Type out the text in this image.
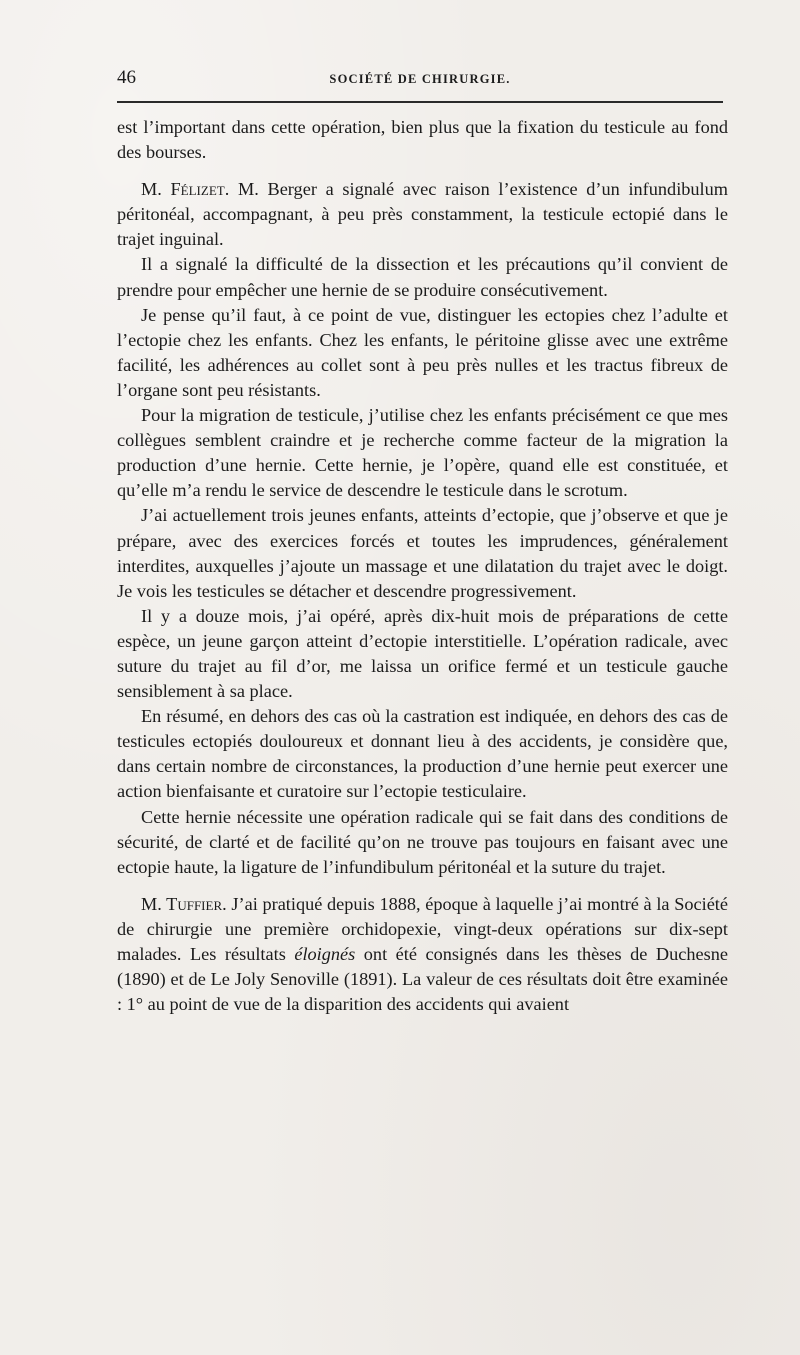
46	SOCIÉTÉ DE CHIRURGIE.

est l’important dans cette opération, bien plus que la fixation du testicule au fond des bourses.

M. Félizet. M. Berger a signalé avec raison l’existence d’un infundibulum péritonéal, accompagnant, à peu près constamment, la testicule ectopié dans le trajet inguinal.

Il a signalé la difficulté de la dissection et les précautions qu’il convient de prendre pour empêcher une hernie de se produire consécutivement.

Je pense qu’il faut, à ce point de vue, distinguer les ectopies chez l’adulte et l’ectopie chez les enfants. Chez les enfants, le péritoine glisse avec une extrême facilité, les adhérences au collet sont à peu près nulles et les tractus fibreux de l’organe sont peu résistants.

Pour la migration de testicule, j’utilise chez les enfants précisément ce que mes collègues semblent craindre et je recherche comme facteur de la migration la production d’une hernie. Cette hernie, je l’opère, quand elle est constituée, et qu’elle m’a rendu le service de descendre le testicule dans le scrotum.

J’ai actuellement trois jeunes enfants, atteints d’ectopie, que j’observe et que je prépare, avec des exercices forcés et toutes les imprudences, généralement interdites, auxquelles j’ajoute un massage et une dilatation du trajet avec le doigt. Je vois les testicules se détacher et descendre progressivement.

Il y a douze mois, j’ai opéré, après dix-huit mois de préparations de cette espèce, un jeune garçon atteint d’ectopie interstitielle. L’opération radicale, avec suture du trajet au fil d’or, me laissa un orifice fermé et un testicule gauche sensiblement à sa place.

En résumé, en dehors des cas où la castration est indiquée, en dehors des cas de testicules ectopiés douloureux et donnant lieu à des accidents, je considère que, dans certain nombre de circonstances, la production d’une hernie peut exercer une action bienfaisante et curatoire sur l’ectopie testiculaire.

Cette hernie nécessite une opération radicale qui se fait dans des conditions de sécurité, de clarté et de facilité qu’on ne trouve pas toujours en faisant avec une ectopie haute, la ligature de l’infundibulum péritonéal et la suture du trajet.

M. Tuffier. J’ai pratiqué depuis 1888, époque à laquelle j’ai montré à la Société de chirurgie une première orchidopexie, vingt-deux opérations sur dix-sept malades. Les résultats éloignés ont été consignés dans les thèses de Duchesne (1890) et de Le Joly Senoville (1891). La valeur de ces résultats doit être examinée : 1° au point de vue de la disparition des accidents qui avaient
